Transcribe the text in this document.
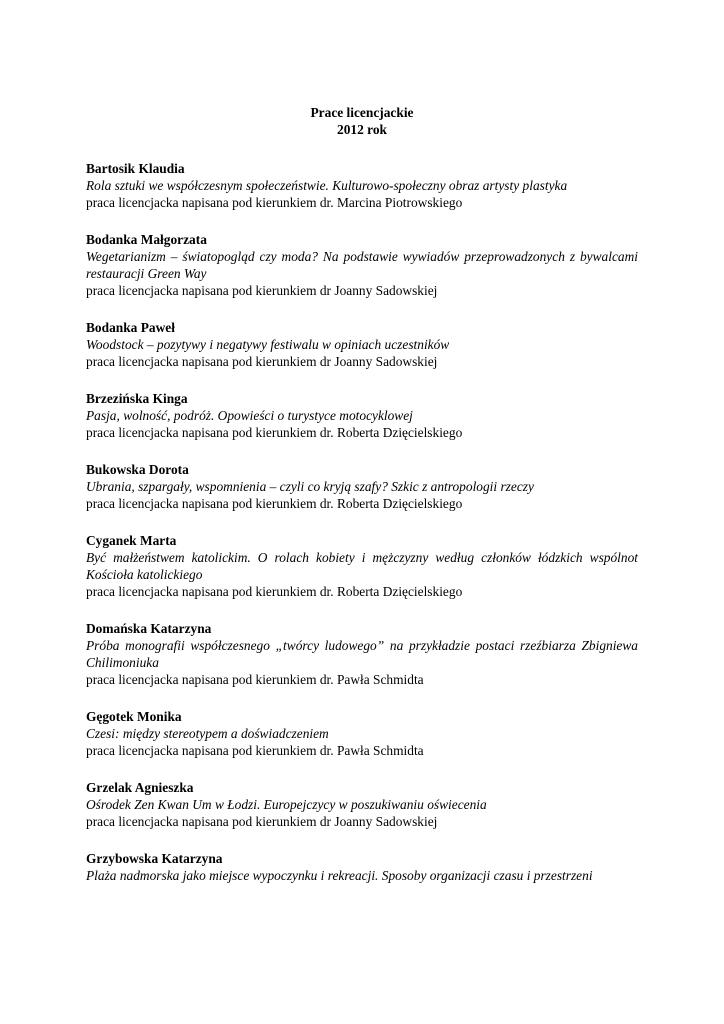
Prace licencjackie
2012 rok
Bartosik Klaudia
Rola sztuki we współczesnym społeczeństwie. Kulturowo-społeczny obraz artysty plastyka
praca licencjacka napisana pod kierunkiem dr. Marcina Piotrowskiego
Bodanka Małgorzata
Wegetarianizm – światopogląd czy moda? Na podstawie wywiadów przeprowadzonych z bywalcami restauracji Green Way
praca licencjacka napisana pod kierunkiem dr Joanny Sadowskiej
Bodanka Paweł
Woodstock – pozytywy i negatywy festiwalu w opiniach uczestników
praca licencjacka napisana pod kierunkiem dr Joanny Sadowskiej
Brzezińska Kinga
Pasja, wolność, podróż. Opowieści o turystyce motocyklowej
praca licencjacka napisana pod kierunkiem dr. Roberta Dzięcielskiego
Bukowska Dorota
Ubrania, szpargały, wspomnienia – czyli co kryją szafy? Szkic z antropologii rzeczy
praca licencjacka napisana pod kierunkiem dr. Roberta Dzięcielskiego
Cyganek Marta
Być małżeństwem katolickim. O rolach kobiety i mężczyzny według członków łódzkich wspólnot Kościoła katolickiego
praca licencjacka napisana pod kierunkiem dr. Roberta Dzięcielskiego
Domańska Katarzyna
Próba monografii współczesnego „twórcy ludowego” na przykładzie postaci rzeźbiarza Zbigniewa Chilimoniuka
praca licencjacka napisana pod kierunkiem dr. Pawła Schmidta
Gęgotek Monika
Czesi: między stereotypem a doświadczeniem
praca licencjacka napisana pod kierunkiem dr. Pawła Schmidta
Grzelak Agnieszka
Ośrodek Zen Kwan Um w Łodzi. Europejczycy w poszukiwaniu oświecenia
praca licencjacka napisana pod kierunkiem dr Joanny Sadowskiej
Grzybowska Katarzyna
Plaża nadmorska jako miejsce wypoczynku i rekreacji. Sposoby organizacji czasu i przestrzeni
